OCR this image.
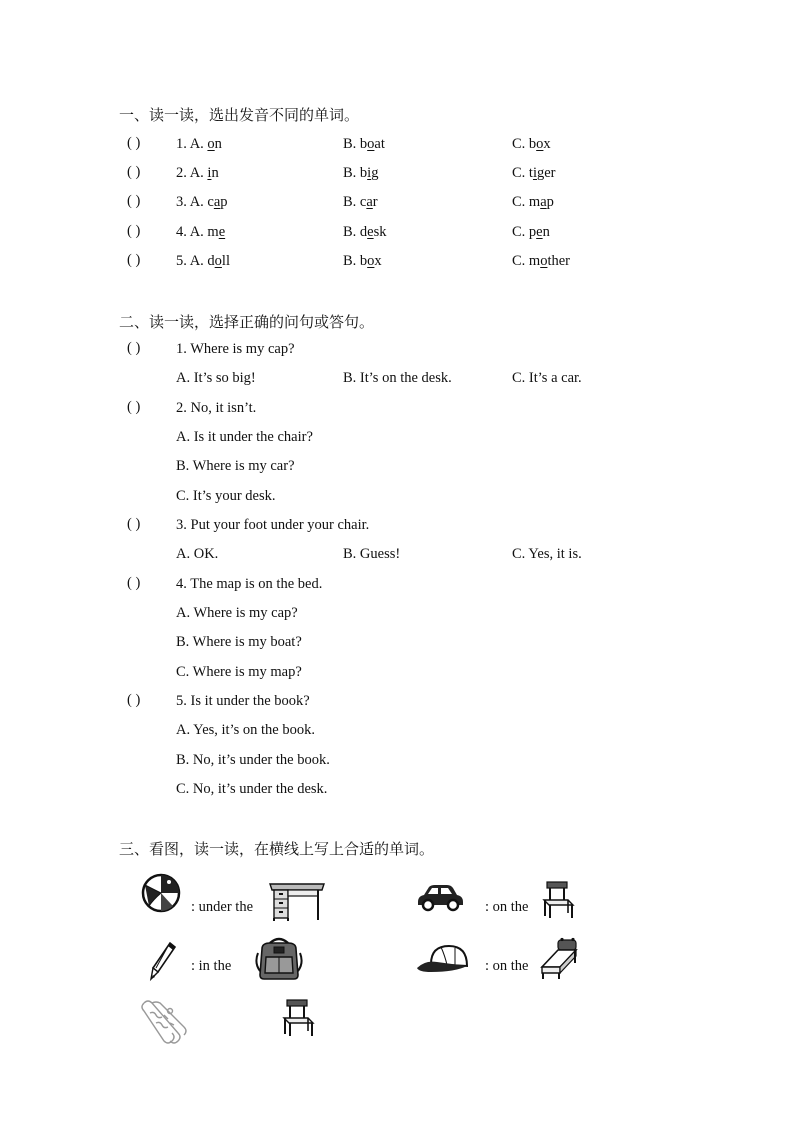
一、读一读，选出发音不同的单词。
( ) 1. A. on	B. boat	C. box
( ) 2. A. in	B. big	C. tiger
( ) 3. A. cap	B. car	C. map
( ) 4. A. me	B. desk	C. pen
( ) 5. A. doll	B. box	C. mother
二、读一读，选择正确的问句或答句。
( ) 1. Where is my cap?
A. It’s so big!	B. It’s on the desk.	C. It’s a car.
( ) 2. No, it isn’t.
A. Is it under the chair?
B. Where is my car?
C. It’s your desk.
( ) 3. Put your foot under your chair.
A. OK.	B. Guess!	C. Yes, it is.
( ) 4. The map is on the bed.
A. Where is my cap?
B. Where is my boat?
C. Where is my map?
( ) 5. Is it under the book?
A. Yes, it’s on the book.
B. No, it’s under the book.
C. No, it’s under the desk.
三、看图，读一读，在横线上写上合适的单词。
: under the	: on the
: in the	: on the
